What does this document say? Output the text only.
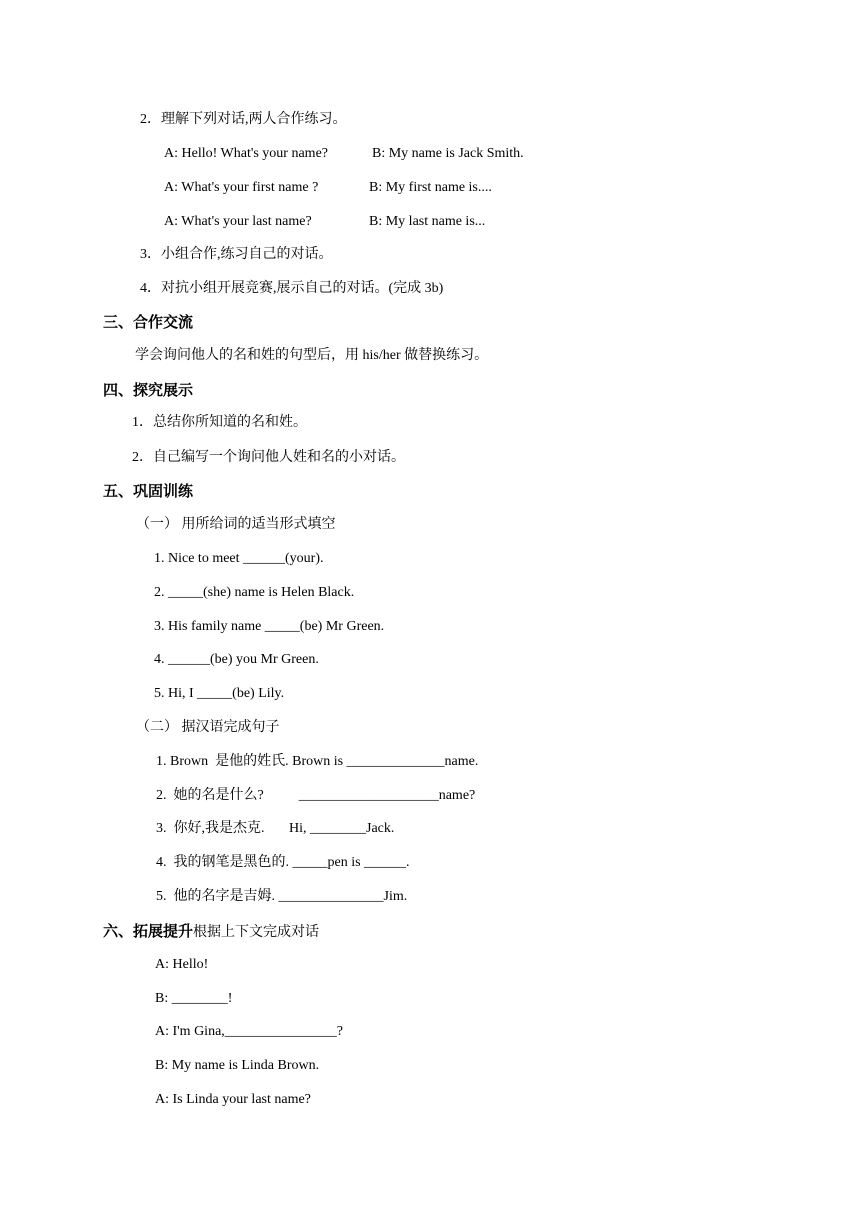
2．理解下列对话,两人合作练习。
A: Hello! What's your name?	B: My name is Jack Smith.
A: What's your first name ?	B: My first name is....
A: What's your last name?	B: My last name is...
3．小组合作,练习自己的对话。
4．对抗小组开展竞赛,展示自己的对话。(完成 3b)
三、合作交流
学会询问他人的名和姓的句型后，用 his/her 做替换练习。
四、探究展示
1．总结你所知道的名和姓。
2．自己编写一个询问他人姓和名的小对话。
五、巩固训练
（一） 用所给词的适当形式填空
1. Nice to meet ______(your).
2. _____(she) name is Helen Black.
3. His family name _____(be) Mr Green.
4. ______(be) you Mr Green.
5. Hi, I _____(be) Lily.
（二） 据汉语完成句子
1. Brown  是他的姓氏. Brown is ______________name.
2.  她的名是什么?          ____________________name?
3.  你好,我是杰克.       Hi, ________Jack.
4.  我的钢笔是黑色的. _____pen is ______.
5.  他的名字是吉姆. _______________Jim.
六、拓展提升根据上下文完成对话
A: Hello!
B: ________!
A: I'm Gina,________________?
B: My name is Linda Brown.
A: Is Linda your last name?
